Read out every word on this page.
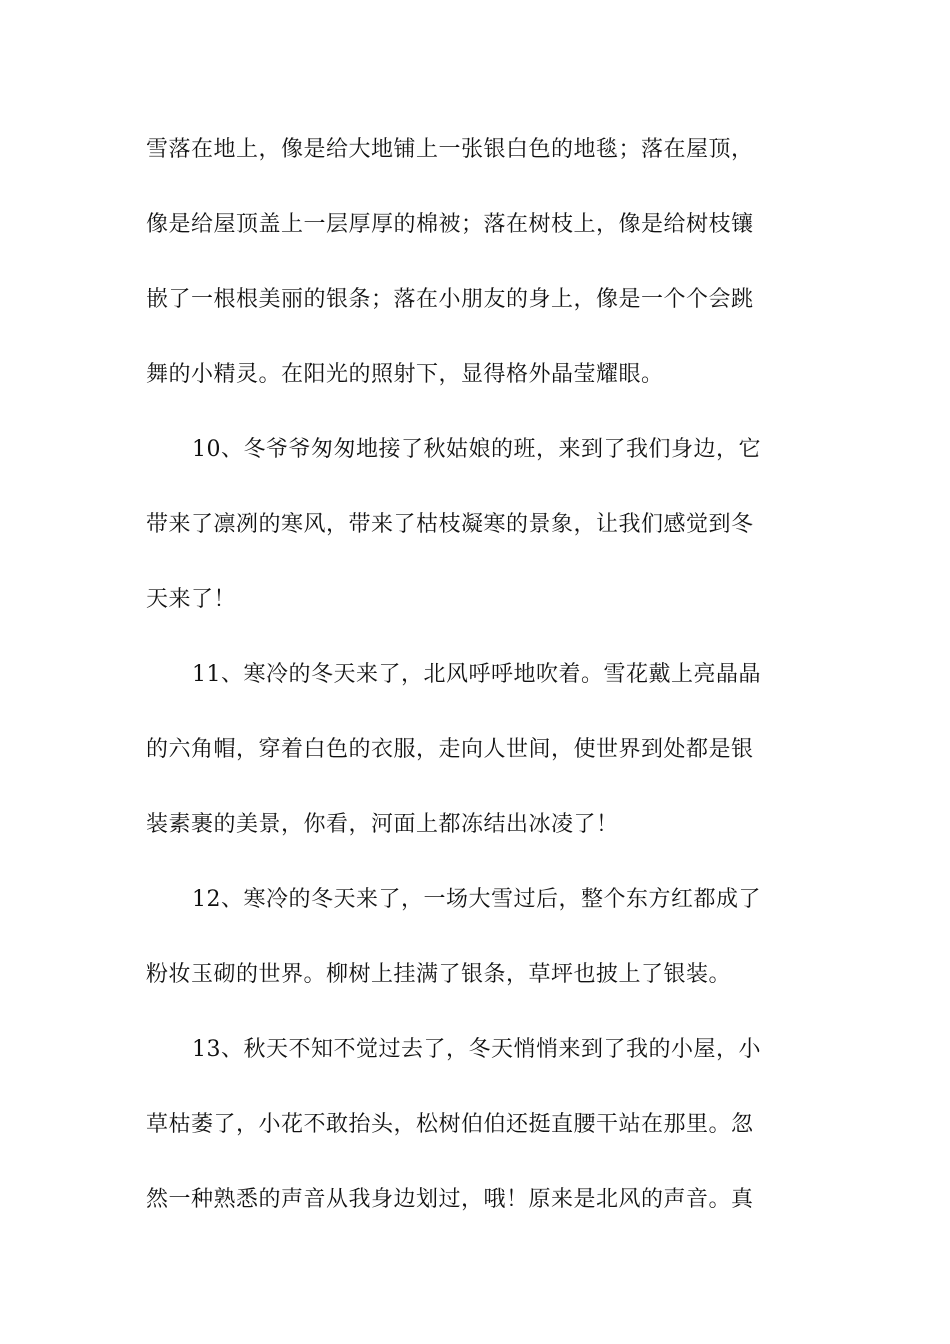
雪落在地上，像是给大地铺上一张银白色的地毯；落在屋顶，
像是给屋顶盖上一层厚厚的棉被；落在树枝上，像是给树枝镶
嵌了一根根美丽的银条；落在小朋友的身上，像是一个个会跳
舞的小精灵。在阳光的照射下，显得格外晶莹耀眼。
10、冬爷爷匆匆地接了秋姑娘的班，来到了我们身边，它
带来了凛冽的寒风，带来了枯枝凝寒的景象，让我们感觉到冬
天来了！
11、寒冷的冬天来了，北风呼呼地吹着。雪花戴上亮晶晶
的六角帽，穿着白色的衣服，走向人世间，使世界到处都是银
装素裹的美景，你看，河面上都冻结出冰凌了！
12、寒冷的冬天来了，一场大雪过后，整个东方红都成了
粉妆玉砌的世界。柳树上挂满了银条，草坪也披上了银装。
13、秋天不知不觉过去了，冬天悄悄来到了我的小屋，小
草枯萎了，小花不敢抬头，松树伯伯还挺直腰干站在那里。忽
然一种熟悉的声音从我身边划过，哦！原来是北风的声音。真
